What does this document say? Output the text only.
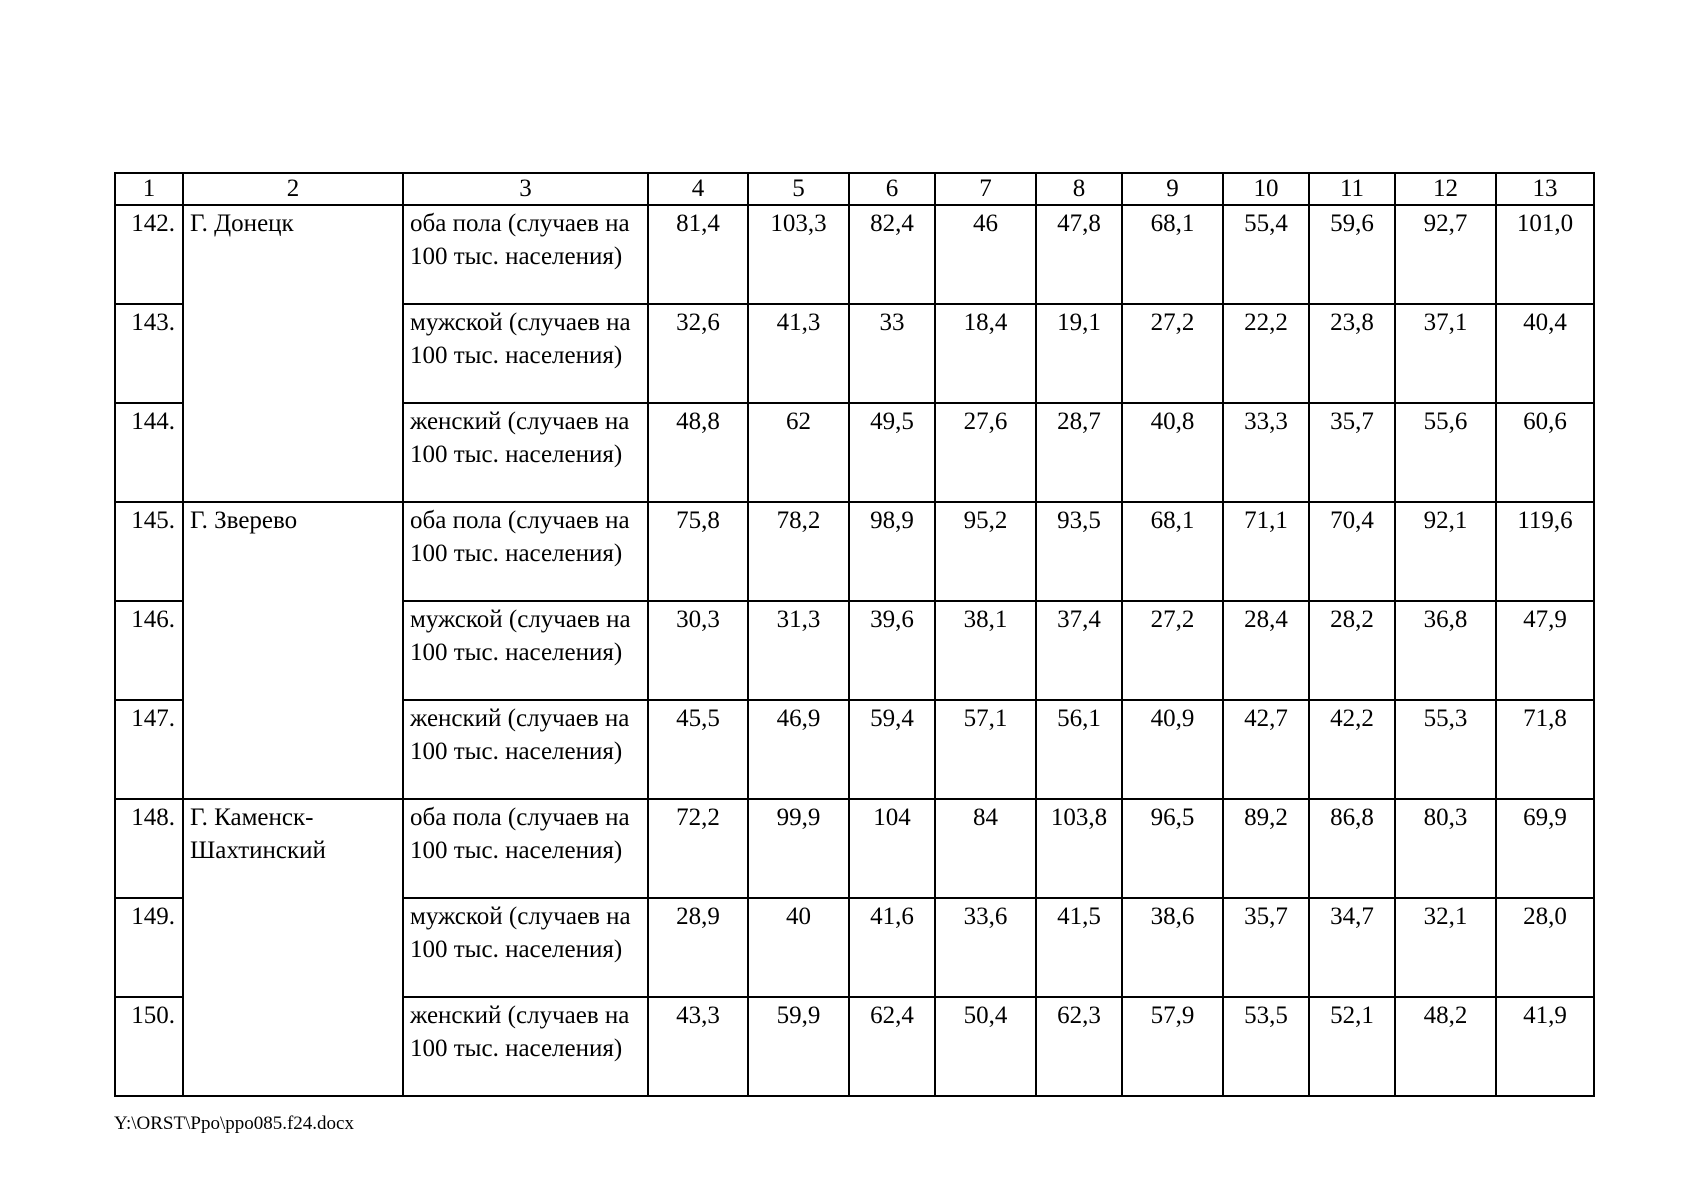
1	2	3	4	5	6	7	8	9	10	11	12	13
142.	Г. Донецк	оба пола (случаев на 100 тыс. населения)	81,4	103,3	82,4	46	47,8	68,1	55,4	59,6	92,7	101,0
143.		мужской (случаев на 100 тыс. населения)	32,6	41,3	33	18,4	19,1	27,2	22,2	23,8	37,1	40,4
144.		женский (случаев на 100 тыс. населения)	48,8	62	49,5	27,6	28,7	40,8	33,3	35,7	55,6	60,6
145.	Г. Зверево	оба пола (случаев на 100 тыс. населения)	75,8	78,2	98,9	95,2	93,5	68,1	71,1	70,4	92,1	119,6
146.		мужской (случаев на 100 тыс. населения)	30,3	31,3	39,6	38,1	37,4	27,2	28,4	28,2	36,8	47,9
147.		женский (случаев на 100 тыс. населения)	45,5	46,9	59,4	57,1	56,1	40,9	42,7	42,2	55,3	71,8
148.	Г. Каменск-Шахтинский	оба пола (случаев на 100 тыс. населения)	72,2	99,9	104	84	103,8	96,5	89,2	86,8	80,3	69,9
149.		мужской (случаев на 100 тыс. населения)	28,9	40	41,6	33,6	41,5	38,6	35,7	34,7	32,1	28,0
150.		женский (случаев на 100 тыс. населения)	43,3	59,9	62,4	50,4	62,3	57,9	53,5	52,1	48,2	41,9
Y:\ORST\Ppo\ppo085.f24.docx
